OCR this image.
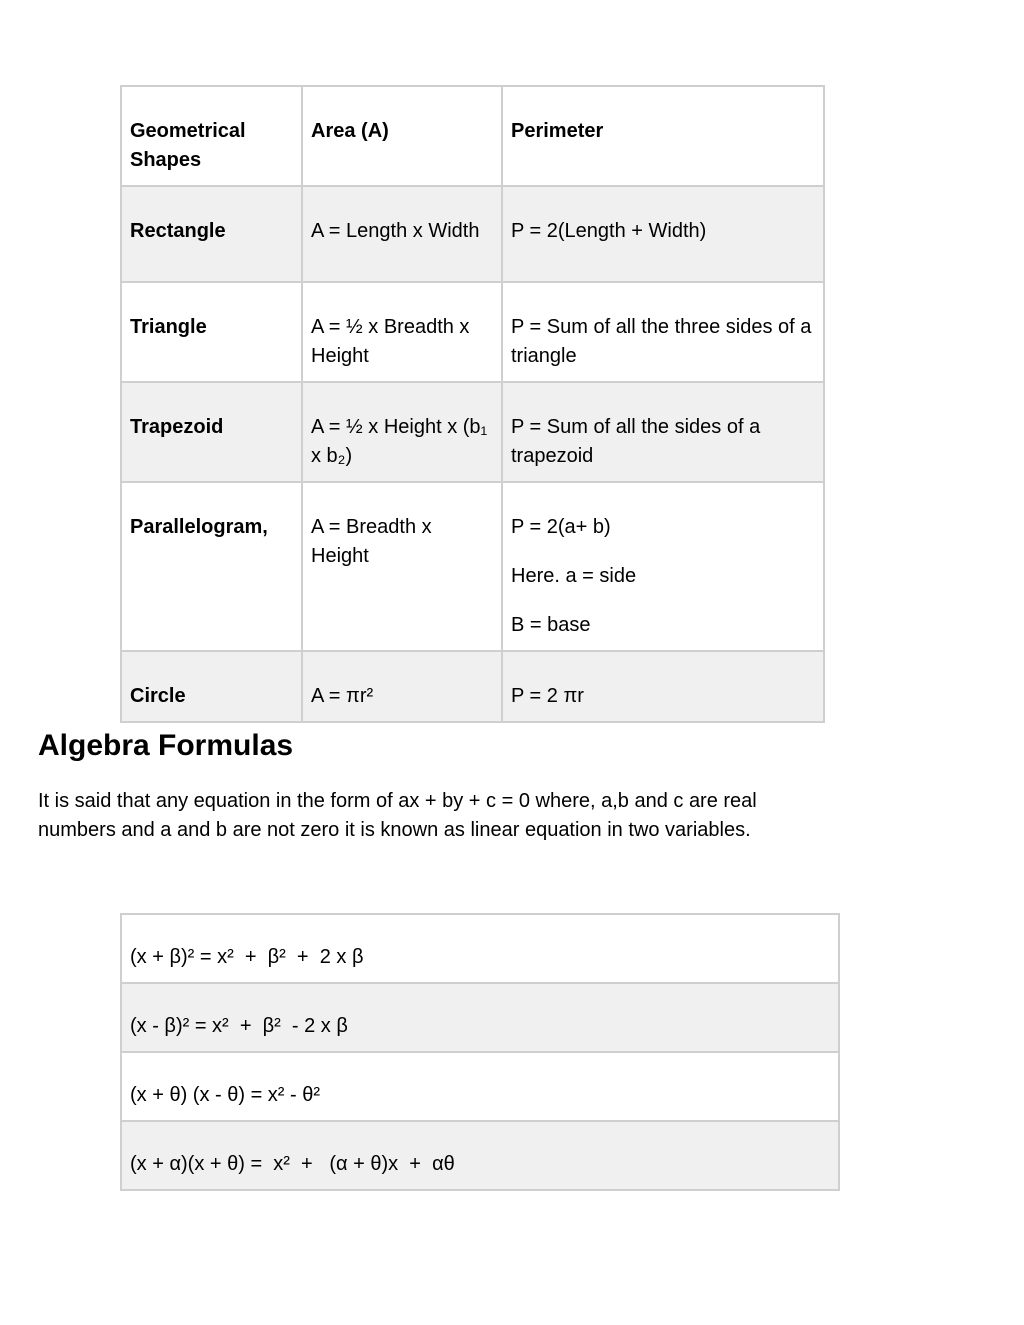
Geometrical Shapes	Area (A)	Perimeter
Rectangle	A = Length x Width	P = 2(Length + Width)

Triangle	A = ½ x Breadth x Height	P = Sum of all the three sides of a triangle

Trapezoid	A = ½ x Height x (b₁ x b₂)	P = Sum of all the sides of a trapezoid

Parallelogram,	A = Breadth x Height	P = 2(a+ b)
Here. a = side
B = base

Circle	A = πr²	P = 2 πr
Algebra Formulas

It is said that any equation in the form of ax + by + c = 0 where, a,b and c are real numbers and a and b are not zero it is known as linear equation in two variables.

(x + β)² = x²  +  β²  +  2 x β
(x - β)² = x²  +  β²  - 2 x β
(x + θ) (x - θ) = x² - θ²
(x + α)(x + θ) =  x²  +   (α + θ)x  +  αθ
